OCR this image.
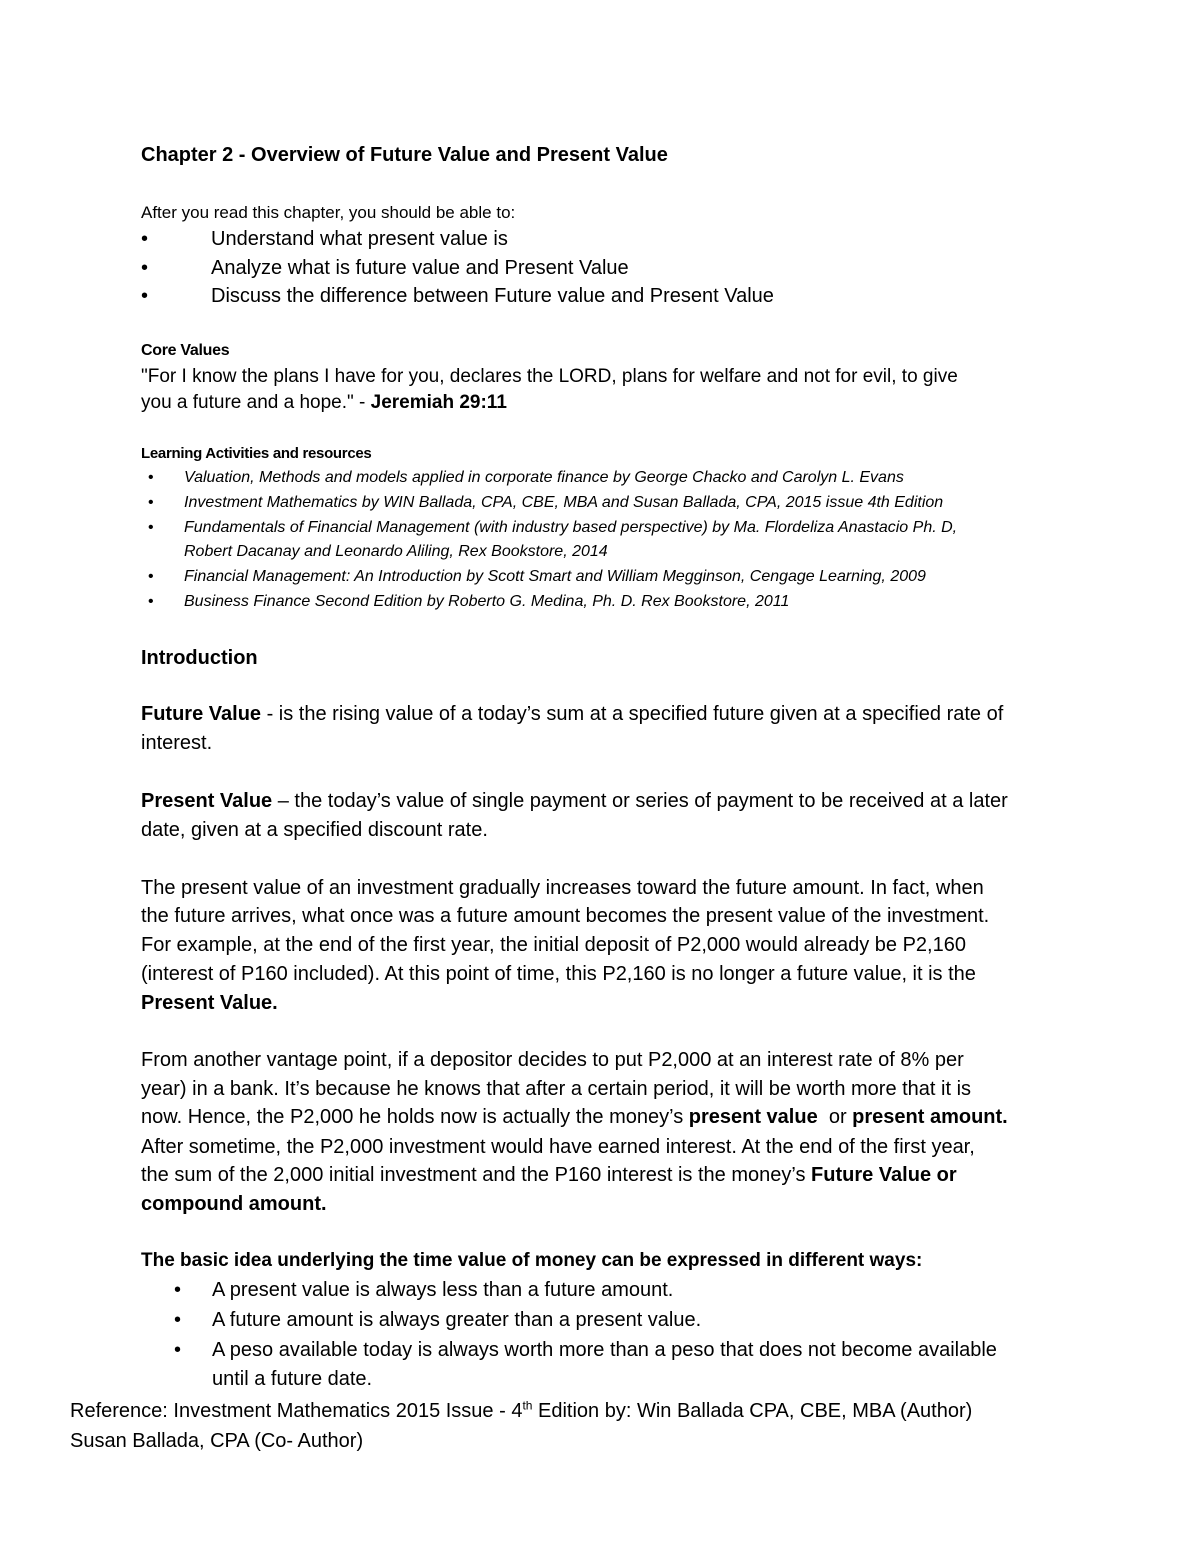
Chapter 2 - Overview of Future Value and Present Value
After you read this chapter, you should be able to:
•	Understand what present value is
•	Analyze what is future value and Present Value
•	Discuss the difference between Future value and Present Value
Core Values
"For I know the plans I have for you, declares the LORD, plans for welfare and not for evil, to give
you a future and a hope." - Jeremiah 29:11
Learning Activities and resources
• Valuation, Methods and models applied in corporate finance by George Chacko and Carolyn L. Evans
• Investment Mathematics by WIN Ballada, CPA, CBE, MBA and Susan Ballada, CPA, 2015 issue 4th Edition
• Fundamentals of Financial Management (with industry based perspective) by Ma. Flordeliza Anastacio Ph. D,
Robert Dacanay and Leonardo Aliling, Rex Bookstore, 2014
• Financial Management: An Introduction by Scott Smart and William Megginson, Cengage Learning, 2009
• Business Finance Second Edition by Roberto G. Medina, Ph. D. Rex Bookstore, 2011
Introduction
Future Value - is the rising value of a today’s sum at a specified future given at a specified rate of
interest.
Present Value – the today’s value of single payment or series of payment to be received at a later
date, given at a specified discount rate.
The present value of an investment gradually increases toward the future amount. In fact, when
the future arrives, what once was a future amount becomes the present value of the investment.
For example, at the end of the first year, the initial deposit of P2,000 would already be P2,160
(interest of P160 included). At this point of time, this P2,160 is no longer a future value, it is the
Present Value.
From another vantage point, if a depositor decides to put P2,000 at an interest rate of 8% per
year) in a bank. It’s because he knows that after a certain period, it will be worth more that it is
now. Hence, the P2,000 he holds now is actually the money’s present value  or present amount.
After sometime, the P2,000 investment would have earned interest. At the end of the first year,
the sum of the 2,000 initial investment and the P160 interest is the money’s Future Value or
compound amount.
The basic idea underlying the time value of money can be expressed in different ways:
• A present value is always less than a future amount.
• A future amount is always greater than a present value.
• A peso available today is always worth more than a peso that does not become available
until a future date.
Reference: Investment Mathematics 2015 Issue - 4th Edition by: Win Ballada CPA, CBE, MBA (Author)
Susan Ballada, CPA (Co- Author)
